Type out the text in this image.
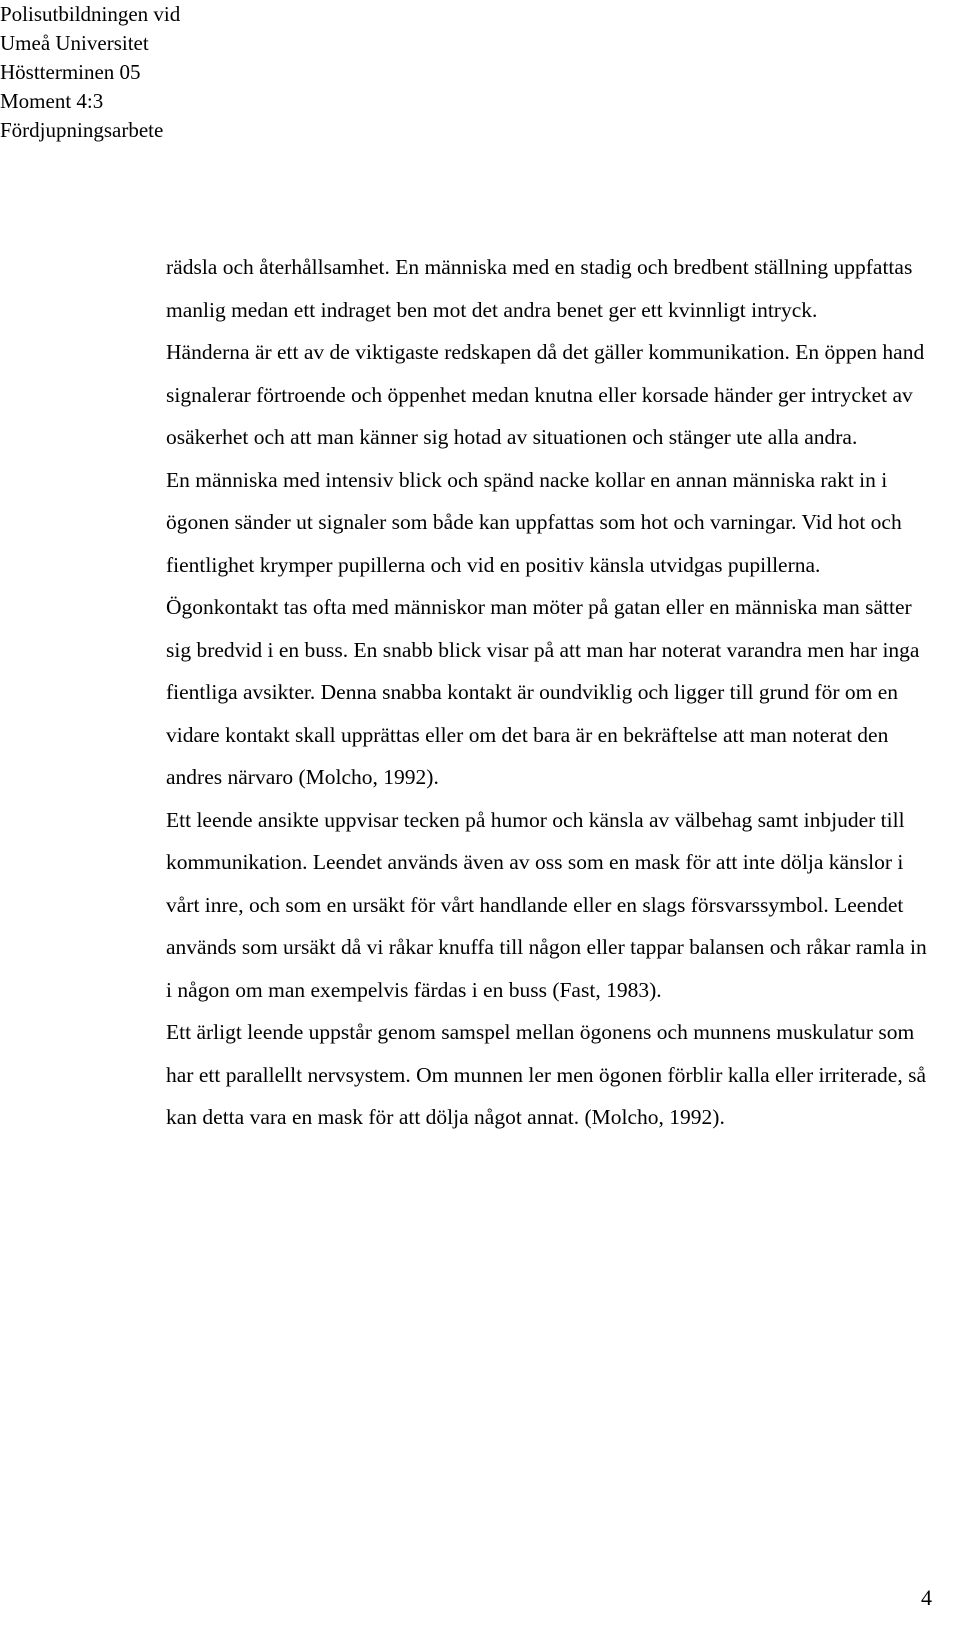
Polisutbildningen vid
Umeå Universitet
Höstterminen 05
Moment 4:3
Fördjupningsarbete

rädsla och återhållsamhet. En människa med en stadig och bredbent ställning uppfattas manlig medan ett indraget ben mot det andra benet ger ett kvinnligt intryck.

Händerna är ett av de viktigaste redskapen då det gäller kommunikation. En öppen hand signalerar förtroende och öppenhet medan knutna eller korsade händer ger intrycket av osäkerhet och att man känner sig hotad av situationen och stänger ute alla andra.

En människa med intensiv blick och spänd nacke kollar en annan människa rakt in i ögonen sänder ut signaler som både kan uppfattas som hot och varningar. Vid hot och fientlighet krymper pupillerna och vid en positiv känsla utvidgas pupillerna. Ögonkontakt tas ofta med människor man möter på gatan eller en människa man sätter sig bredvid i en buss. En snabb blick visar på att man har noterat varandra men har inga fientliga avsikter. Denna snabba kontakt är oundviklig och ligger till grund för om en vidare kontakt skall upprättas eller om det bara är en bekräftelse att man noterat den andres närvaro (Molcho, 1992).

Ett leende ansikte uppvisar tecken på humor och känsla av välbehag samt inbjuder till kommunikation. Leendet används även av oss som en mask för att inte dölja känslor i vårt inre, och som en ursäkt för vårt handlande eller en slags försvarssymbol. Leendet används som ursäkt då vi råkar knuffa till någon eller tappar balansen och råkar ramla in i någon om man exempelvis färdas i en buss (Fast, 1983).

Ett ärligt leende uppstår genom samspel mellan ögonens och munnens muskulatur som har ett parallellt nervsystem. Om munnen ler men ögonen förblir kalla eller irriterade, så kan detta vara en mask för att dölja något annat. (Molcho, 1992).

4
